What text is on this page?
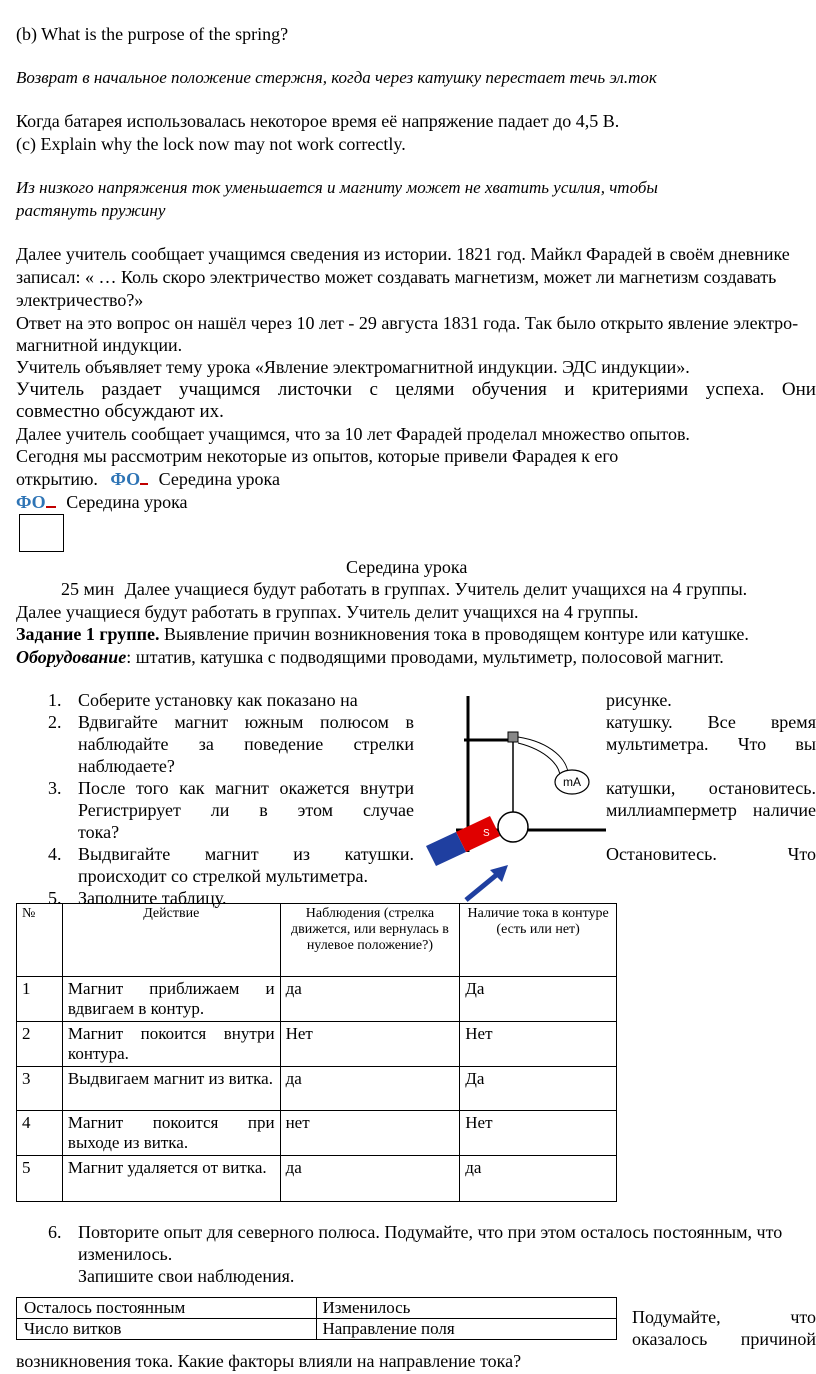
(b) What is the purpose of the spring?
Возврат в начальное положение стержня, когда через катушку перестает течь эл.ток
Когда батарея использовалась некоторое время её напряжение падает до 4,5 В.
(c) Explain why the lock now may not work correctly.
Из низкого напряжения ток уменьшается и магниту может не хватить усилия, чтобы
растянуть пружину
Далее учитель сообщает учащимся сведения из истории. 1821 год. Майкл Фарадей в своём дневнике
записал: « … Коль скоро электричество может создавать магнетизм, может ли магнетизм создавать
электричество?»
Ответ на это вопрос он нашёл через 10 лет - 29 августа 1831 года. Так было открыто явление электро-
магнитной индукции.
Учитель объявляет тему урока «Явление электромагнитной индукции. ЭДС индукции».
Учитель раздает учащимся листочки с целями обучения и критериями успеха. Они
совместно обсуждают их.
Далее учитель сообщает учащимся, что за 10 лет Фарадей проделал множество опытов.
Сегодня мы рассмотрим некоторые из опытов, которые привели Фарадея к его
открытию. ФО Середина урока
ФО Середина урока
Середина урока
25 мин Далее учащиеся будут работать в группах. Учитель делит учащихся на 4 группы.
Далее учащиеся будут работать в группах. Учитель делит учащихся на 4 группы.
Задание 1 группе. Выявление причин возникновения тока в проводящем контуре или катушке.
Оборудование: штатив, катушка с подводящими проводами, мультиметр, полосовой магнит.
1. Соберите установку как показано на	рисунке.
2. Вдвигайте магнит южным полюсом в	катушку. Все время
наблюдайте за поведение стрелки	мультиметра. Что вы
наблюдаете?
3. После того как магнит окажется внутри	катушки, остановитесь.
Регистрирует ли в этом случае	миллиамперметр наличие
тока?
4. Выдвигайте магнит из катушки.	Остановитесь.	Что
происходит со стрелкой мультиметра.
5. Заполните таблицу.
mA
S
№	Действие	Наблюдения (стрелка движется, или вернулась в нулевое положение?)	Наличие тока в контуре (есть или нет)
1	Магнит приближаем и вдвигаем в контур.	да	Да
2	Магнит покоится внутри контура.	Нет	Нет
3	Выдвигаем магнит из витка.	да	Да
4	Магнит покоится при выходе из витка.	нет	Нет
5	Магнит удаляется от витка.	да	да
6. Повторите опыт для северного полюса. Подумайте, что при этом осталось постоянным, что
изменилось.
Запишите свои наблюдения.
Осталось постоянным	Изменилось
Число витков	Направление поля
Подумайте,	что
оказалось причиной
возникновения тока. Какие факторы влияли на направление тока?
